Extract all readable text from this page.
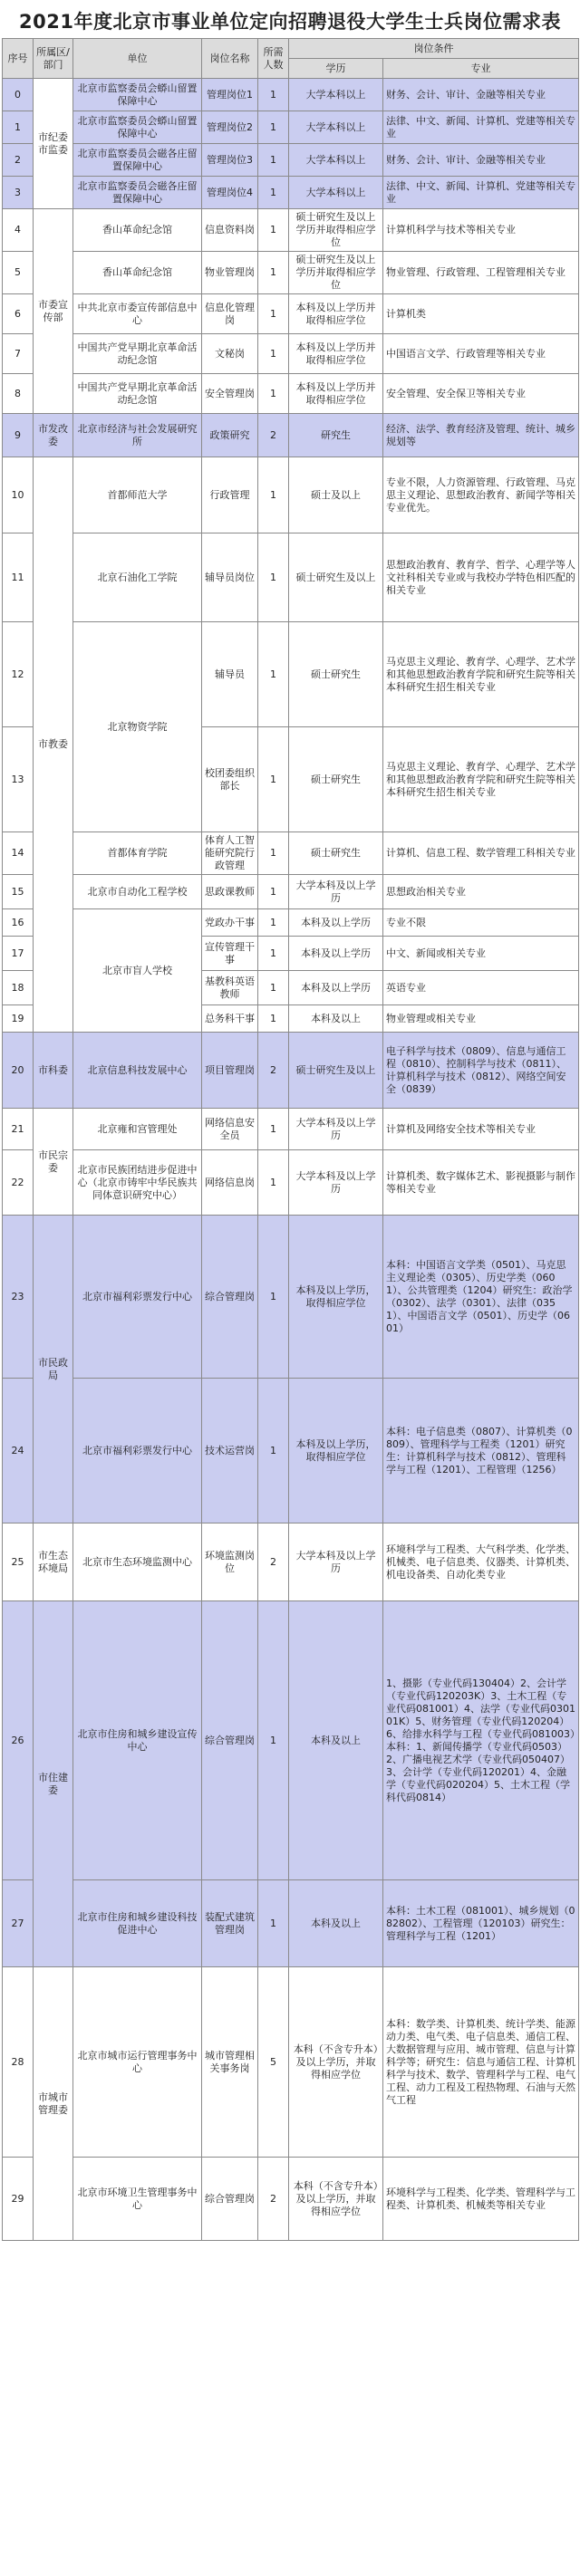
2021年度北京市事业单位定向招聘退役大学生士兵岗位需求表
序号	所属区/部门	单位	岗位名称	所需人数	岗位条件	
					学历	专业
0	市纪委市监委	北京市监察委员会蟒山留置保障中心	管理岗位1	1	大学本科以上	财务、会计、审计、金融等相关专业
1		北京市监察委员会蟒山留置保障中心	管理岗位2	1	大学本科以上	法律、中文、新闻、计算机、党建等相关专业
2		北京市监察委员会磁各庄留置保障中心	管理岗位3	1	大学本科以上	财务、会计、审计、金融等相关专业
3		北京市监察委员会磁各庄留置保障中心	管理岗位4	1	大学本科以上	法律、中文、新闻、计算机、党建等相关专业
4	市委宣传部	香山革命纪念馆	信息资料岗	1	硕士研究生及以上学历并取得相应学位	计算机科学与技术等相关专业
5		香山革命纪念馆	物业管理岗	1	硕士研究生及以上学历并取得相应学位	物业管理、行政管理、工程管理相关专业
6		中共北京市委宣传部信息中心	信息化管理岗	1	本科及以上学历并取得相应学位	计算机类
7		中国共产党早期北京革命活动纪念馆	文秘岗	1	本科及以上学历并取得相应学位	中国语言文学、行政管理等相关专业
8		中国共产党早期北京革命活动纪念馆	安全管理岗	1	本科及以上学历并取得相应学位	安全管理、安全保卫等相关专业
9	市发改委	北京市经济与社会发展研究所	政策研究	2	研究生	经济、法学、教育经济及管理、统计、城乡规划等
10	市教委	首都师范大学	行政管理	1	硕士及以上	专业不限，人力资源管理、行政管理、马克思主义理论、思想政治教育、新闻学等相关专业优先。
11		北京石油化工学院	辅导员岗位	1	硕士研究生及以上	思想政治教育、教育学、哲学、心理学等人文社科相关专业或与我校办学特色相匹配的相关专业
12		北京物资学院	辅导员	1	硕士研究生	马克思主义理论、教育学、心理学、艺术学和其他思想政治教育学院和研究生院等相关本科研究生招生相关专业
13			校团委组织部长	1	硕士研究生	马克思主义理论、教育学、心理学、艺术学和其他思想政治教育学院和研究生院等相关本科研究生招生相关专业
14		首都体育学院	体育人工智能研究院行政管理	1	硕士研究生	计算机、信息工程、数学管理工科相关专业
15		北京市自动化工程学校	思政课教师	1	大学本科及以上学历	思想政治相关专业
16		北京市盲人学校	党政办干事	1	本科及以上学历	专业不限
17			宣传管理干事	1	本科及以上学历	中文、新闻或相关专业
18			基教科英语教师	1	本科及以上学历	英语专业
19			总务科干事	1	本科及以上	物业管理或相关专业
20	市科委	北京信息科技发展中心	项目管理岗	2	硕士研究生及以上	电子科学与技术（0809）、信息与通信工程（0810）、控制科学与技术（0811）、计算机科学与技术（0812）、网络空间安全（0839）
21	市民宗委	北京雍和宫管理处	网络信息安全员	1	大学本科及以上学历	计算机及网络安全技术等相关专业
22		北京市民族团结进步促进中心（北京市铸牢中华民族共同体意识研究中心）	网络信息岗	1	大学本科及以上学历	计算机类、数字媒体艺术、影视摄影与制作等相关专业
23	市民政局	北京市福利彩票发行中心	综合管理岗	1	本科及以上学历，取得相应学位	本科：中国语言文学类（0501）、马克思主义理论类（0305）、历史学类（0601）、公共管理类（1204）研究生：政治学（0302）、法学（0301）、法律（0351）、中国语言文学（0501）、历史学（0601）
24		北京市福利彩票发行中心	技术运营岗	1	本科及以上学历，取得相应学位	本科：电子信息类（0807）、计算机类（0809）、管理科学与工程类（1201）研究生：计算机科学与技术（0812）、管理科学与工程（1201）、工程管理（1256）
25	市生态环境局	北京市生态环境监测中心	环境监测岗位	2	大学本科及以上学历	环境科学与工程类、大气科学类、化学类、机械类、电子信息类、仪器类、计算机类、机电设备类、自动化类专业
26	市住建委	北京市住房和城乡建设宣传中心	综合管理岗	1	本科及以上	1、摄影（专业代码130404）2、会计学（专业代码120203K）3、土木工程（专业代码081001）4、法学（专业代码030101K）5、财务管理（专业代码120204）6、给排水科学与工程（专业代码081003）本科：1、新闻传播学（专业代码0503）2、广播电视艺术学（专业代码050407）3、会计学（专业代码120201）4、金融学（专业代码020204）5、土木工程（学科代码0814）
27		北京市住房和城乡建设科技促进中心	装配式建筑管理岗	1	本科及以上	本科：土木工程（081001）、城乡规划（082802）、工程管理（120103）研究生：管理科学与工程（1201）
28	市城市管理委	北京市城市运行管理事务中心	城市管理相关事务岗	5	本科（不含专升本）及以上学历，并取得相应学位	本科：数学类、计算机类、统计学类、能源动力类、电气类、电子信息类、通信工程、大数据管理与应用、城市管理、信息与计算科学等；研究生：信息与通信工程、计算机科学与技术、数学、管理科学与工程、电气工程、动力工程及工程热物理、石油与天然气工程
29		北京市环境卫生管理事务中心	综合管理岗	2	本科（不含专升本）及以上学历，并取得相应学位	环境科学与工程类、化学类、管理科学与工程类、计算机类、机械类等相关专业
